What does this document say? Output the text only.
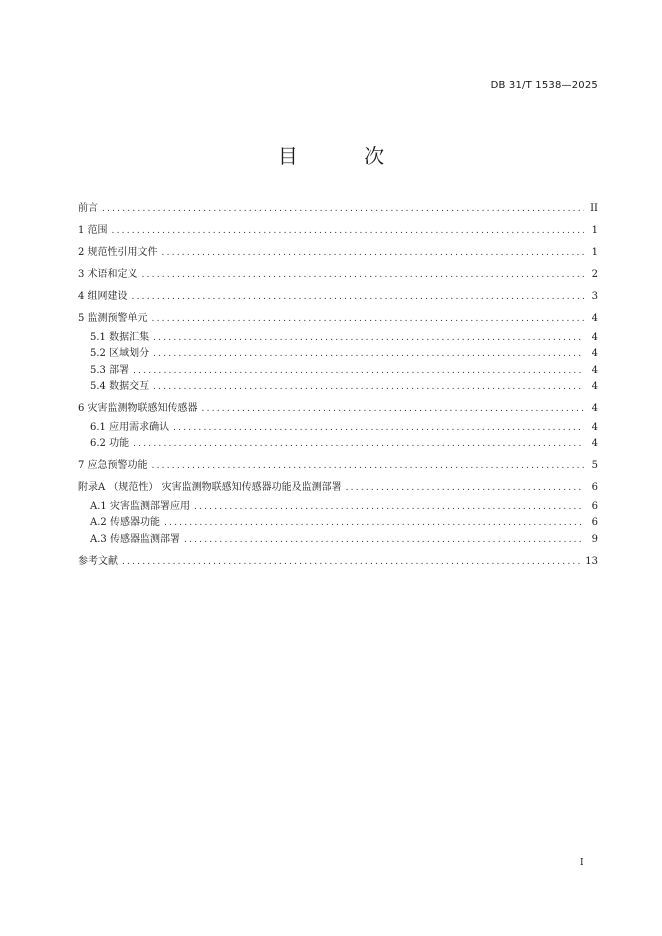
DB 31/T 1538—2025
目 次
前言 .....	II
1 范围 .....	1
2 规范性引用文件 .....	1
3 术语和定义 .....	2
4 组网建设 .....	3
5 监测预警单元 .....	4
5.1 数据汇集 .....	4
5.2 区域划分 .....	4
5.3 部署 .....	4
5.4 数据交互 .....	4
6 灾害监测物联感知传感器 .....	4
6.1 应用需求确认 .....	4
6.2 功能 .....	4
7 应急预警功能 .....	5
附录A （规范性） 灾害监测物联感知传感器功能及监测部署 .....	6
A.1 灾害监测部署应用 .....	6
A.2 传感器功能 .....	6
A.3 传感器监测部署 .....	9
参考文献 .....	13
I
